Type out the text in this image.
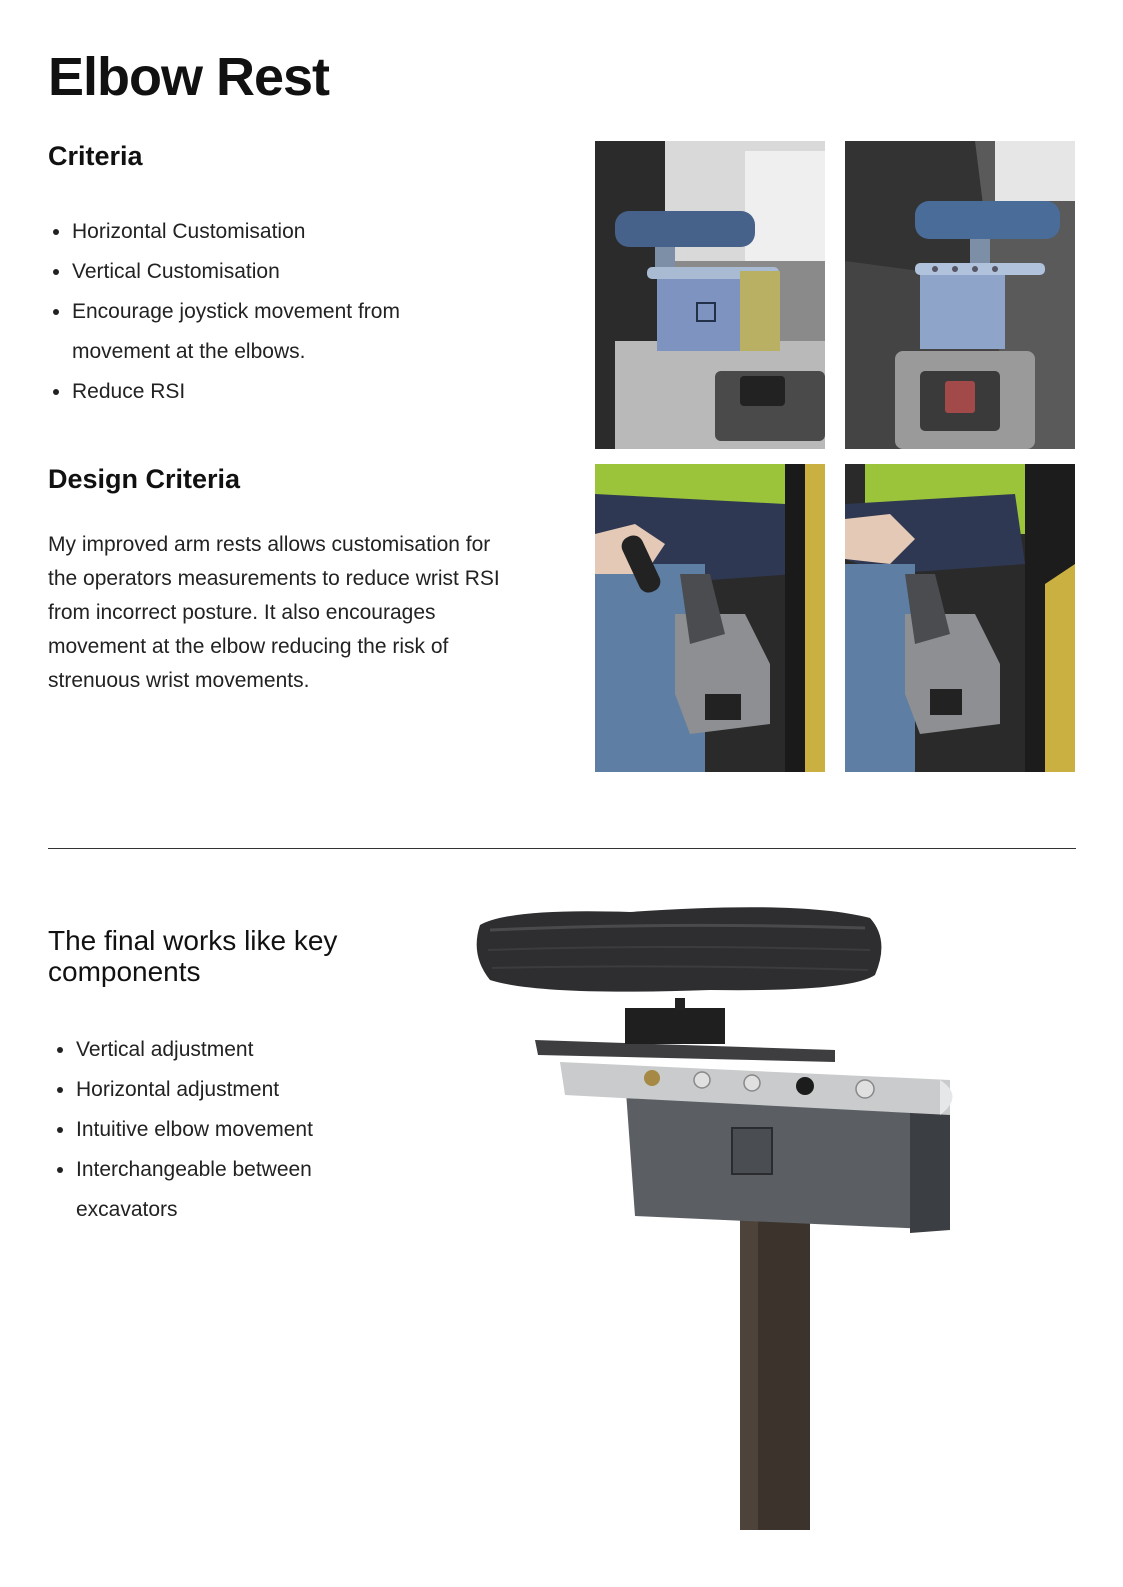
Elbow Rest
Criteria
• Horizontal Customisation
• Vertical Customisation
• Encourage joystick movement from movement at the elbows.
• Reduce RSI
Design Criteria

My improved arm rests allows customisation for the operators measurements to reduce wrist RSI from incorrect posture. It also encourages movement at the elbow reducing the risk of strenuous wrist movements.

The final works like key components
• Vertical adjustment
• Horizontal adjustment
• Intuitive elbow movement
• Interchangeable between excavators
